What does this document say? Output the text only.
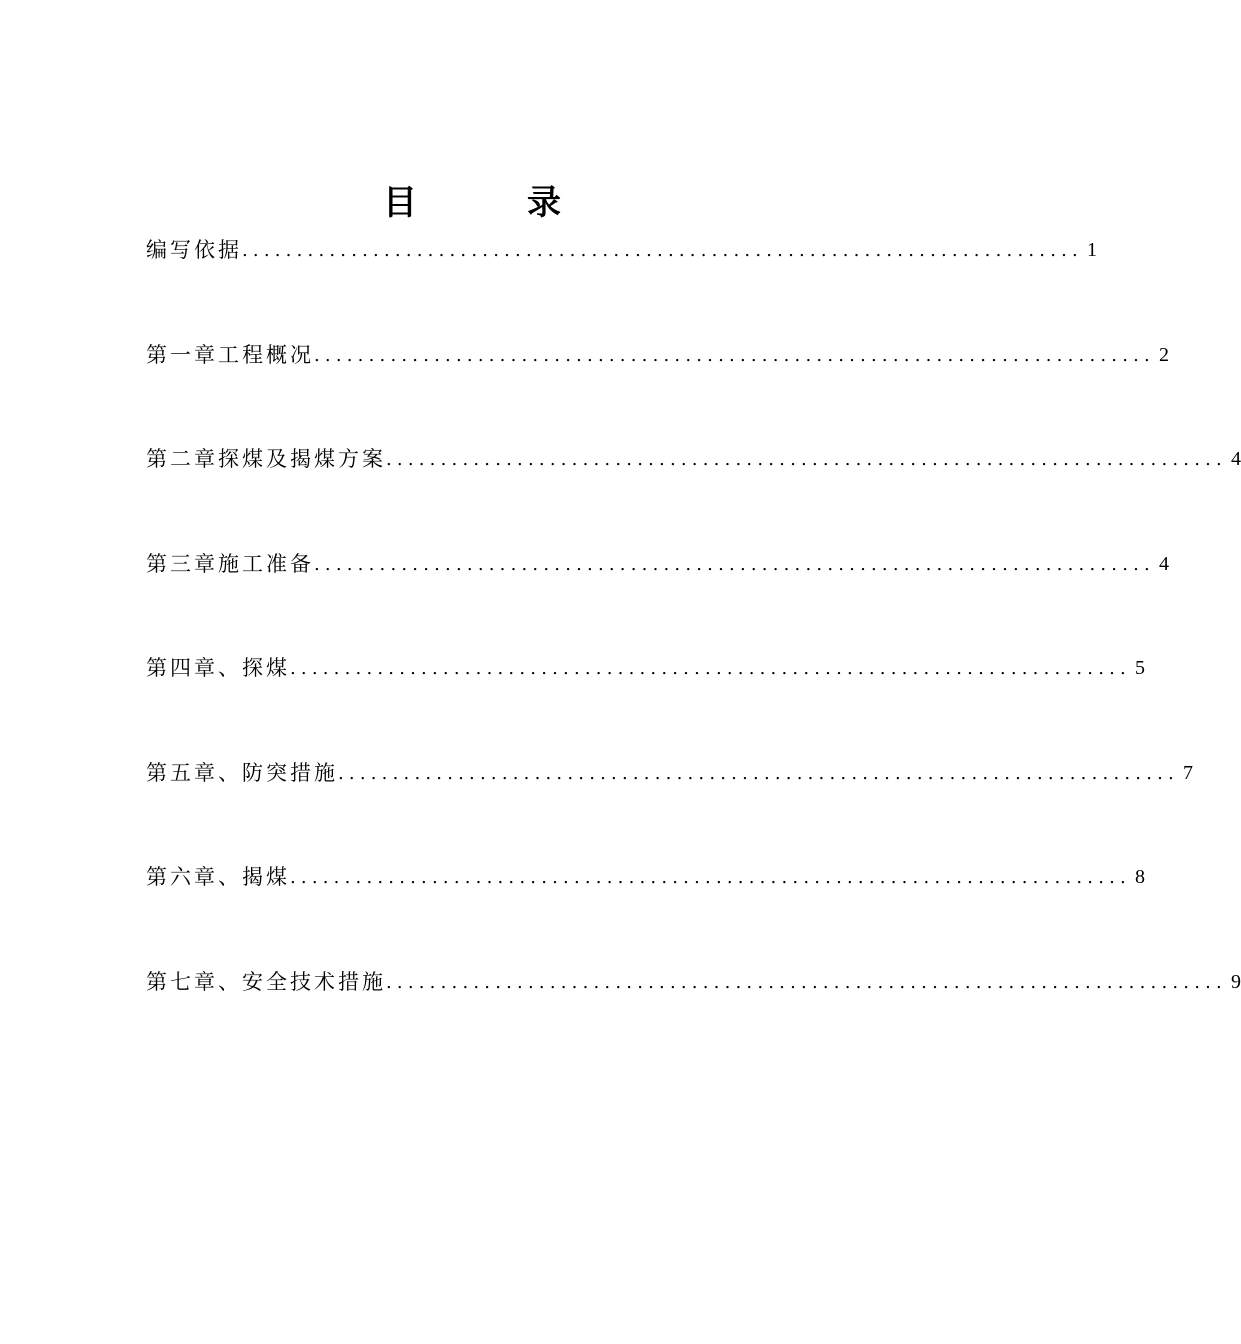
目	录
编写依据 ............................................................................. 1
第一章 工程概况 ............................................................................. 2
第二章 探煤及揭煤方案 ............................................................................. 4
第三章 施工准备 ............................................................................. 4
第四章、探煤 ............................................................................. 5
第五章、防突措施 ............................................................................. 7
第六章、揭煤 ............................................................................. 8
第七章、安全技术措施 ............................................................................. 9
